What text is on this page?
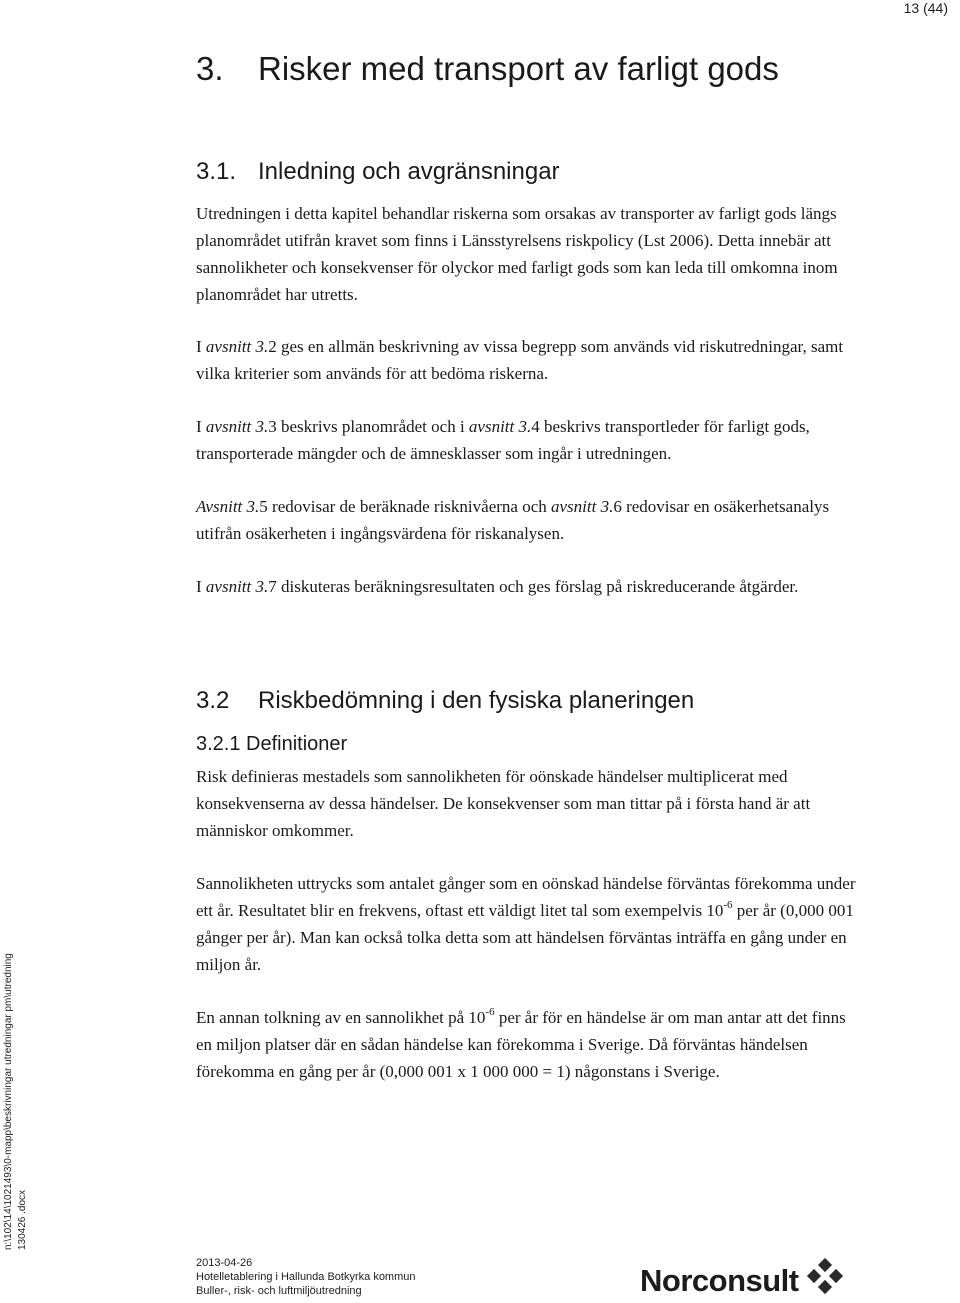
13 (44)
3. Risker med transport av farligt gods
3.1. Inledning och avgränsningar

Utredningen i detta kapitel behandlar riskerna som orsakas av transporter av farligt gods längs planområdet utifrån kravet som finns i Länsstyrelsens riskpolicy (Lst 2006). Detta innebär att sannolikheter och konsekvenser för olyckor med farligt gods som kan leda till omkomna inom planområdet har utretts.

I avsnitt 3.2 ges en allmän beskrivning av vissa begrepp som används vid riskutredningar, samt vilka kriterier som används för att bedöma riskerna.

I avsnitt 3.3 beskrivs planområdet och i avsnitt 3.4 beskrivs transportleder för farligt gods, transporterade mängder och de ämnesklasser som ingår i utredningen.

Avsnitt 3.5 redovisar de beräknade risknivåerna och avsnitt 3.6 redovisar en osäkerhetsanalys utifrån osäkerheten i ingångsvärdena för riskanalysen.

I avsnitt 3.7 diskuteras beräkningsresultaten och ges förslag på riskreducerande åtgärder.

3.2 Riskbedömning i den fysiska planeringen
3.2.1 Definitioner

Risk definieras mestadels som sannolikheten för oönskade händelser multiplicerat med konsekvenserna av dessa händelser. De konsekvenser som man tittar på i första hand är att människor omkommer.

Sannolikheten uttrycks som antalet gånger som en oönskad händelse förväntas förekomma under ett år. Resultatet blir en frekvens, oftast ett väldigt litet tal som exempelvis $10^{-6}$ per år (0,000 001 gånger per år). Man kan också tolka detta som att händelsen förväntas inträffa en gång under en miljon år.

En annan tolkning av en sannolikhet på $10^{-6}$ per år för en händelse är om man antar att det finns en miljon platser där en sådan händelse kan förekomma i Sverige. Då förväntas händelsen förekomma en gång per år (0,000 001 x 1 000 000 = 1) någonstans i Sverige.

n:\102\14\1021493\0-mapp\beskrivningar utredningar pm\utredning 130426 .docx
2013-04-26
Hotelletablering i Hallunda Botkyrka kommun
Buller-, risk- och luftmiljöutredning	Norconsult
